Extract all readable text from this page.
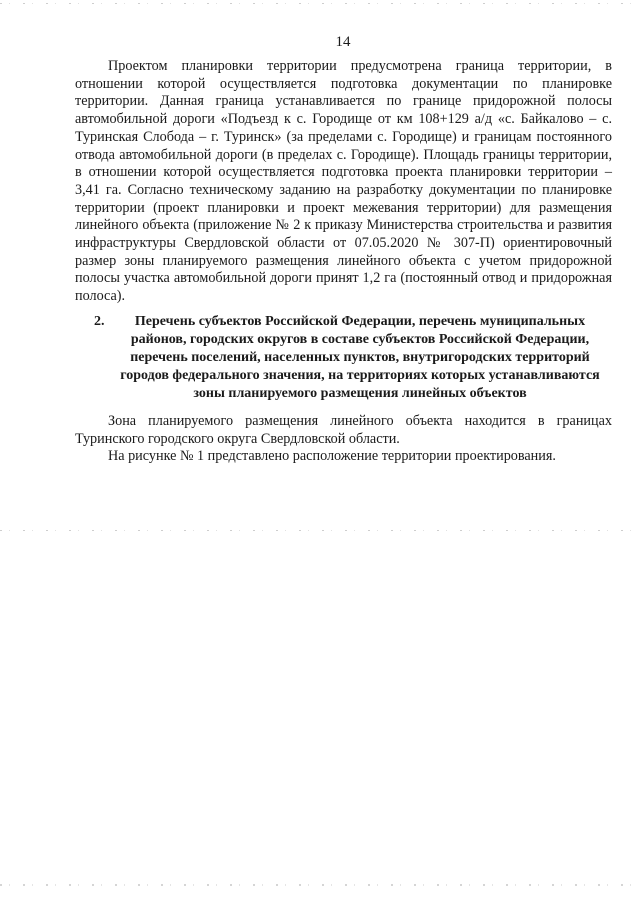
14

Проектом планировки территории предусмотрена граница территории, в отношении которой осуществляется подготовка документации по планировке территории. Данная граница устанавливается по границе придорожной полосы автомобильной дороги «Подъезд к с. Городище от км 108+129 а/д «с. Байкалово – с. Туринская Слобода – г. Туринск» (за пределами с. Городище) и границам постоянного отвода автомобильной дороги (в пределах с. Городище). Площадь границы территории, в отношении которой осуществляется подготовка проекта планировки территории – 3,41 га. Согласно техническому заданию на разработку документации по планировке территории (проект планировки и проект межевания территории) для размещения линейного объекта (приложение № 2 к приказу Министерства строительства и развития инфраструктуры Свердловской области от 07.05.2020 № 307-П) ориентировочный размер зоны планируемого размещения линейного объекта с учетом придорожной полосы участка автомобильной дороги принят 1,2 га (постоянный отвод и придорожная полоса).

2.	Перечень субъектов Российской Федерации, перечень муниципальных районов, городских округов в составе субъектов Российской Федерации, перечень поселений, населенных пунктов, внутригородских территорий городов федерального значения, на территориях которых устанавливаются зоны планируемого размещения линейных объектов

Зона планируемого размещения линейного объекта находится в границах Туринского городского округа Свердловской области.

На рисунке № 1 представлено расположение территории проектирования.
